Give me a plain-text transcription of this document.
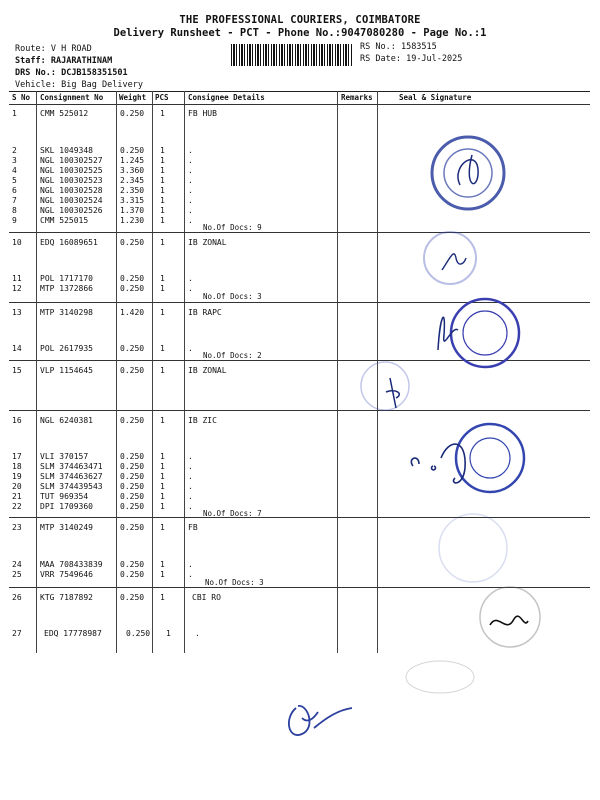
THE PROFESSIONAL COURIERS, COIMBATORE
Delivery Runsheet - PCT - Phone No.:9047080280 - Page No.:1
Route: V H ROAD
Staff: RAJARATHINAM
DRS No.: DCJB158351501
Vehicle: Big Bag Delivery
RS No.: 1583515
RS Date: 19-Jul-2025
S No Consignment No Weight PCS	Consignee Details	Remarks	Seal & Signature
1	CMM 525012	0.250 1	FB HUB
2	SKL 1049348	0.250 1	.
3	NGL 100302527 1.245 1	.
4	NGL 100302525 3.360 1	.
5	NGL 100302523 2.345 1	.
6	NGL 100302528 2.350 1	.
7	NGL 100302524 3.315 1	.
8	NGL 100302526 1.370 1	.
9	CMM 525015	1.230 1	.
No.Of Docs: 9
10 EDQ 16089651	0.250 1	IB ZONAL
11 POL 1717170	0.250 1	.
12 MTP 1372866	0.250 1	.
No.Of Docs: 3
13 MTP 3140298	1.420 1	IB RAPC
14 POL 2617935	0.250 1	.
No.Of Docs: 2
15 VLP 1154645	0.250 1	IB ZONAL
16 NGL 6240381	0.250 1	IB ZIC
17 VLI 370157	0.250 1	.
18 SLM 374463471 0.250 1	.
19 SLM 374463627 0.250 1	.
20 SLM 374439543 0.250 1	.
21 TUT 969354	0.250 1	.
22 DPI 1709360	0.250 1	.
No.Of Docs: 7
23 MTP 3140249	0.250 1	FB
24 MAA 708433839 0.250 1	.
25 VRR 7549646	0.250 1	.
No.Of Docs: 3
26 KTG 7187892	0.250 1	CBI RO
27	EDQ 17778987	0.250 1	.
